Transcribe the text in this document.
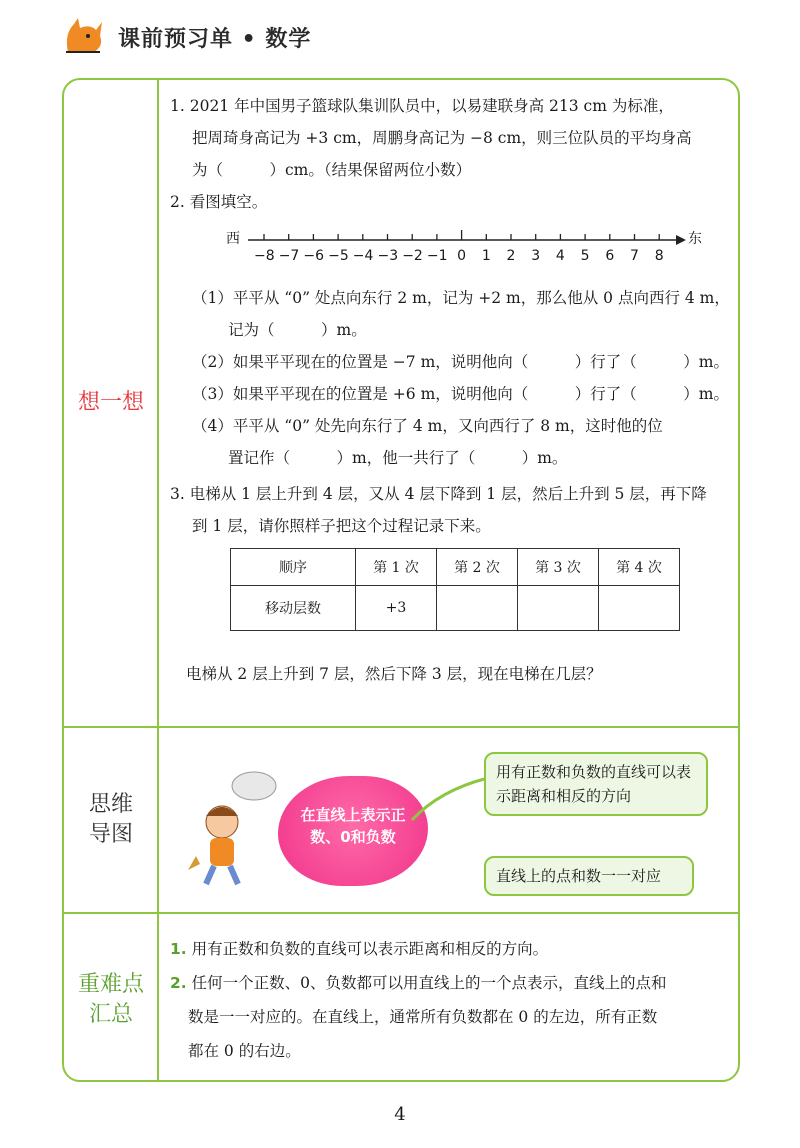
课前预习单 • 数学
想一想
思维
导图
重难点
汇总
1. 2021 年中国男子篮球队集训队员中，以易建联身高 213 cm 为标准，
把周琦身高记为 +3 cm，周鹏身高记为 −8 cm，则三位队员的平均身高
为（　　　）cm。（结果保留两位小数）
2. 看图填空。
西	东
−8 −7 −6 −5 −4 −3 −2 −1 0	1	2	3	4	5	6	7	8
（1）平平从 “0” 处点向东行 2 m，记为 +2 m，那么他从 0 点向西行 4 m，
记为（　　　）m。
（2）如果平平现在的位置是 −7 m，说明他向（　　　）行了（　　　）m。
（3）如果平平现在的位置是 +6 m，说明他向（　　　）行了（　　　）m。
（4）平平从 “0” 处先向东行了 4 m，又向西行了 8 m，这时他的位
置记作（　　　）m，他一共行了（　　　）m。
3. 电梯从 1 层上升到 4 层，又从 4 层下降到 1 层，然后上升到 5 层，再下降
到 1 层，请你照样子把这个过程记录下来。
顺序	第 1 次	第 2 次	第 3 次	第 4 次
移动层数	+3			
电梯从 2 层上升到 7 层，然后下降 3 层，现在电梯在几层？
在直线上表示正数、0和负数
用有正数和负数的直线可以表示距离和相反的方向
直线上的点和数一一对应
1. 用有正数和负数的直线可以表示距离和相反的方向。
2. 任何一个正数、0、负数都可以用直线上的一个点表示，直线上的点和
数是一一对应的。在直线上，通常所有负数都在 0 的左边，所有正数
都在 0 的右边。
4
